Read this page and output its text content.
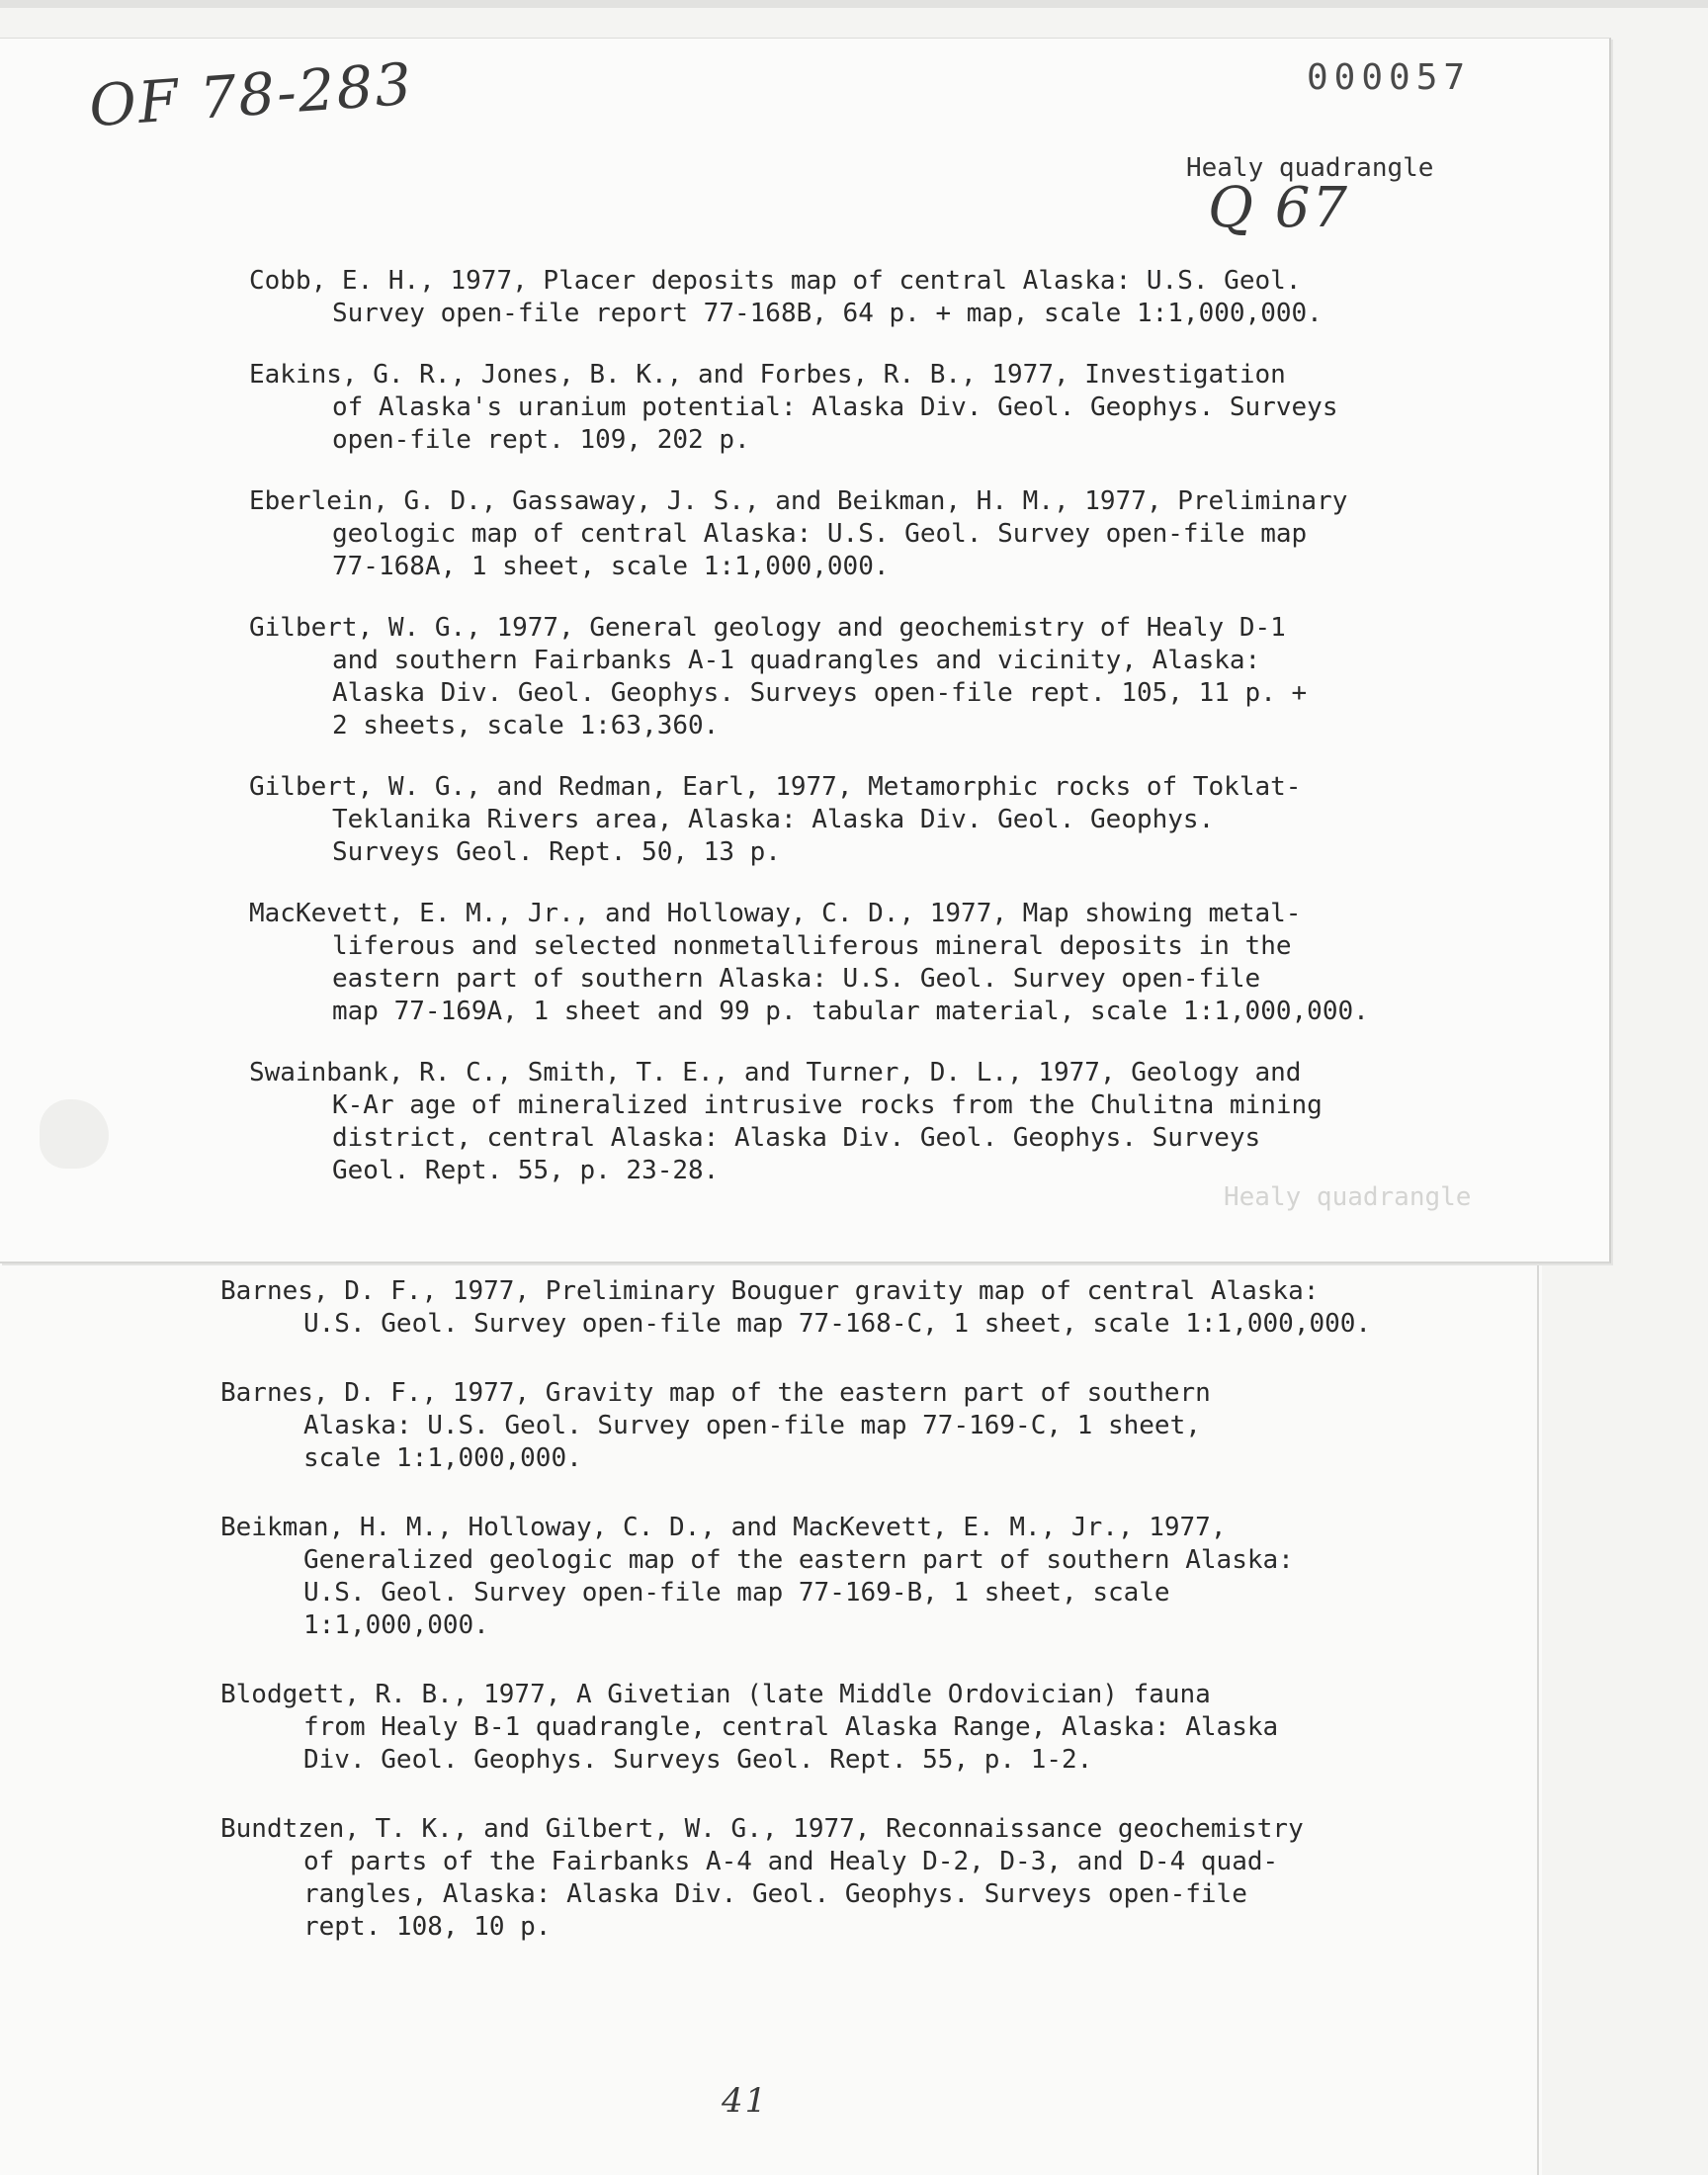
OF 78-283	000057
Healy quadrangle
Q 67
Cobb, E. H., 1977, Placer deposits map of central Alaska: U.S. Geol.
Survey open-file report 77-168B, 64 p. + map, scale 1:1,000,000.
Eakins, G. R., Jones, B. K., and Forbes, R. B., 1977, Investigation
of Alaska's uranium potential: Alaska Div. Geol. Geophys. Surveys
open-file rept. 109, 202 p.
Eberlein, G. D., Gassaway, J. S., and Beikman, H. M., 1977, Preliminary
geologic map of central Alaska: U.S. Geol. Survey open-file map
77-168A, 1 sheet, scale 1:1,000,000.
Gilbert, W. G., 1977, General geology and geochemistry of Healy D-1
and southern Fairbanks A-1 quadrangles and vicinity, Alaska:
Alaska Div. Geol. Geophys. Surveys open-file rept. 105, 11 p. +
2 sheets, scale 1:63,360.
Gilbert, W. G., and Redman, Earl, 1977, Metamorphic rocks of Toklat-
Teklanika Rivers area, Alaska: Alaska Div. Geol. Geophys.
Surveys Geol. Rept. 50, 13 p.
MacKevett, E. M., Jr., and Holloway, C. D., 1977, Map showing metal-
liferous and selected nonmetalliferous mineral deposits in the
eastern part of southern Alaska: U.S. Geol. Survey open-file
map 77-169A, 1 sheet and 99 p. tabular material, scale 1:1,000,000.
Swainbank, R. C., Smith, T. E., and Turner, D. L., 1977, Geology and
K-Ar age of mineralized intrusive rocks from the Chulitna mining
district, central Alaska: Alaska Div. Geol. Geophys. Surveys
Geol. Rept. 55, p. 23-28.
Healy quadrangle
Barnes, D. F., 1977, Preliminary Bouguer gravity map of central Alaska:
U.S. Geol. Survey open-file map 77-168-C, 1 sheet, scale 1:1,000,000.
Barnes, D. F., 1977, Gravity map of the eastern part of southern
Alaska: U.S. Geol. Survey open-file map 77-169-C, 1 sheet,
scale 1:1,000,000.
Beikman, H. M., Holloway, C. D., and MacKevett, E. M., Jr., 1977,
Generalized geologic map of the eastern part of southern Alaska:
U.S. Geol. Survey open-file map 77-169-B, 1 sheet, scale
1:1,000,000.
Blodgett, R. B., 1977, A Givetian (late Middle Ordovician) fauna
from Healy B-1 quadrangle, central Alaska Range, Alaska: Alaska
Div. Geol. Geophys. Surveys Geol. Rept. 55, p. 1-2.
Bundtzen, T. K., and Gilbert, W. G., 1977, Reconnaissance geochemistry
of parts of the Fairbanks A-4 and Healy D-2, D-3, and D-4 quad-
rangles, Alaska: Alaska Div. Geol. Geophys. Surveys open-file
rept. 108, 10 p.
41
